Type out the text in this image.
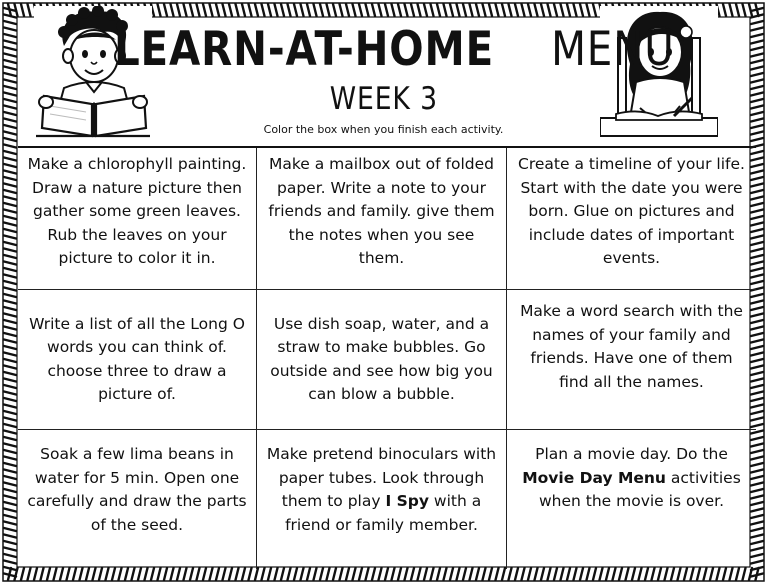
LEARN-AT-HOME MENU
WEEK 3
Color the box when you finish each activity.

Make a chlorophyll painting. Draw a nature picture then gather some green leaves. Rub the leaves on your picture to color it in.

Make a mailbox out of folded paper. Write a note to your friends and family. give them the notes when you see them.

Create a timeline of your life. Start with the date you were born. Glue on pictures and include dates of important events.

Write a list of all the Long O words you can think of. choose three to draw a picture of.

Use dish soap, water, and a straw to make bubbles. Go outside and see how big you can blow a bubble.

Make a word search with the names of your family and friends. Have one of them find all the names.

Soak a few lima beans in water for 5 min. Open one carefully and draw the parts of the seed.

Make pretend binoculars with paper tubes. Look through them to play I Spy with a friend or family member.

Plan a movie day. Do the Movie Day Menu activities when the movie is over.
